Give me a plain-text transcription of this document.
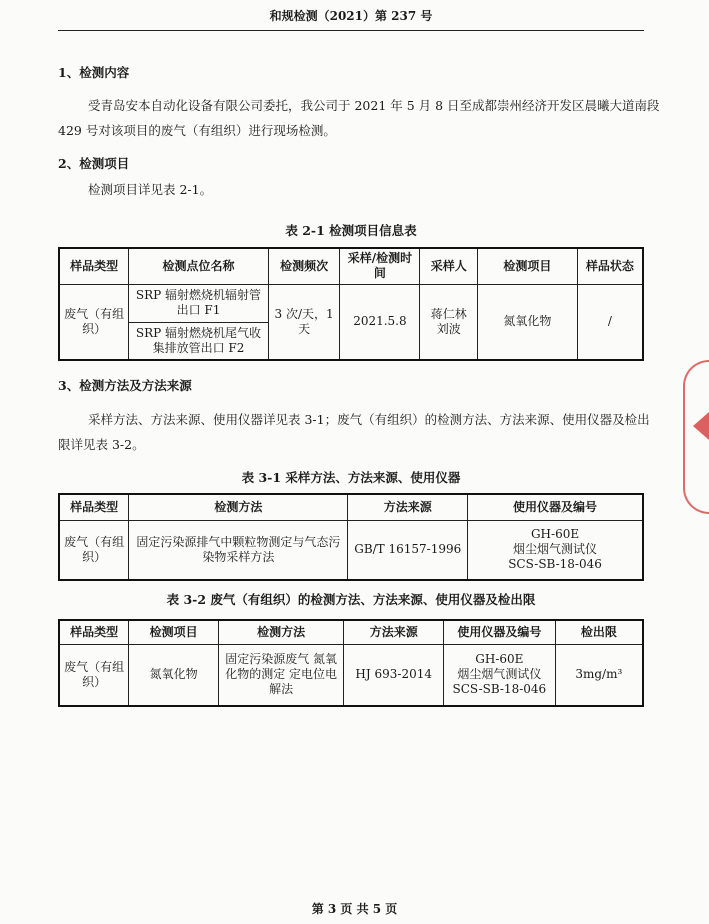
和规检测（2021）第 237 号
1、检测内容
受青岛安本自动化设备有限公司委托，我公司于 2021 年 5 月 8 日至成都崇州经济开发区晨曦大道南段
429 号对该项目的废气（有组织）进行现场检测。
2、检测项目
检测项目详见表 2-1。
表 2-1 检测项目信息表
样品类型	检测点位名称	检测频次	采样/检测时间	采样人	检测项目	样品状态
废气（有组织）	SRP 辐射燃烧机辐射管出口 F1	3 次/天，1 天	2021.5.8	蒋仁林 刘波	氮氧化物	/
	SRP 辐射燃烧机尾气收集排放管出口 F2					
3、检测方法及方法来源
采样方法、方法来源、使用仪器详见表 3-1；废气（有组织）的检测方法、方法来源、使用仪器及检出
限详见表 3-2。
表 3-1 采样方法、方法来源、使用仪器
样品类型	检测方法	方法来源	使用仪器及编号
废气（有组织）	固定污染源排气中颗粒物测定与气态污染物采样方法	GB/T 16157-1996	GH-60E
烟尘烟气测试仪
SCS-SB-18-046
表 3-2 废气（有组织）的检测方法、方法来源、使用仪器及检出限
样品类型	检测项目	检测方法	方法来源	使用仪器及编号	检出限
废气（有组织）	氮氧化物	固定污染源废气 氮氧化物的测定 定电位电解法	HJ 693-2014	GH-60E
烟尘烟气测试仪
SCS-SB-18-046	3mg/m³
第 3 页 共 5 页
